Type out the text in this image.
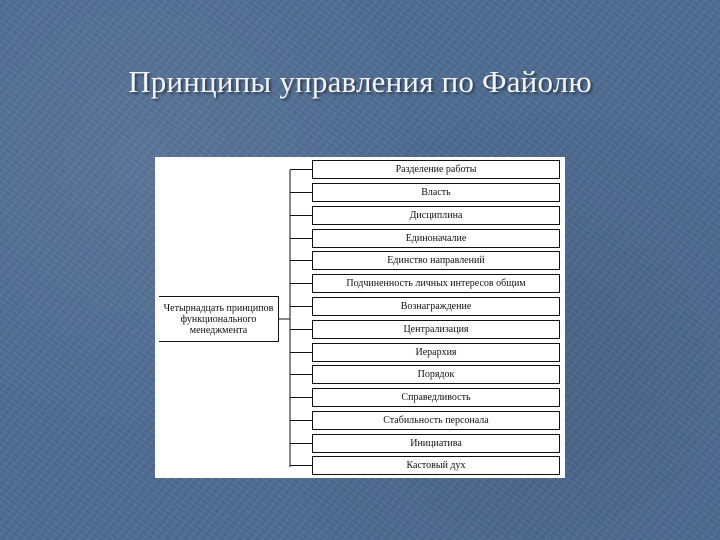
Принципы управления по Файолю
Четырнадцать принципов функционального менеджмента
Разделение работы
Власть
Дисциплина
Единоначалие
Единство направлений
Подчиненность личных интересов общим
Вознаграждение
Централизация
Иерархия
Порядок
Справедливость
Стабильность персонала
Инициатива
Кастовый дух
